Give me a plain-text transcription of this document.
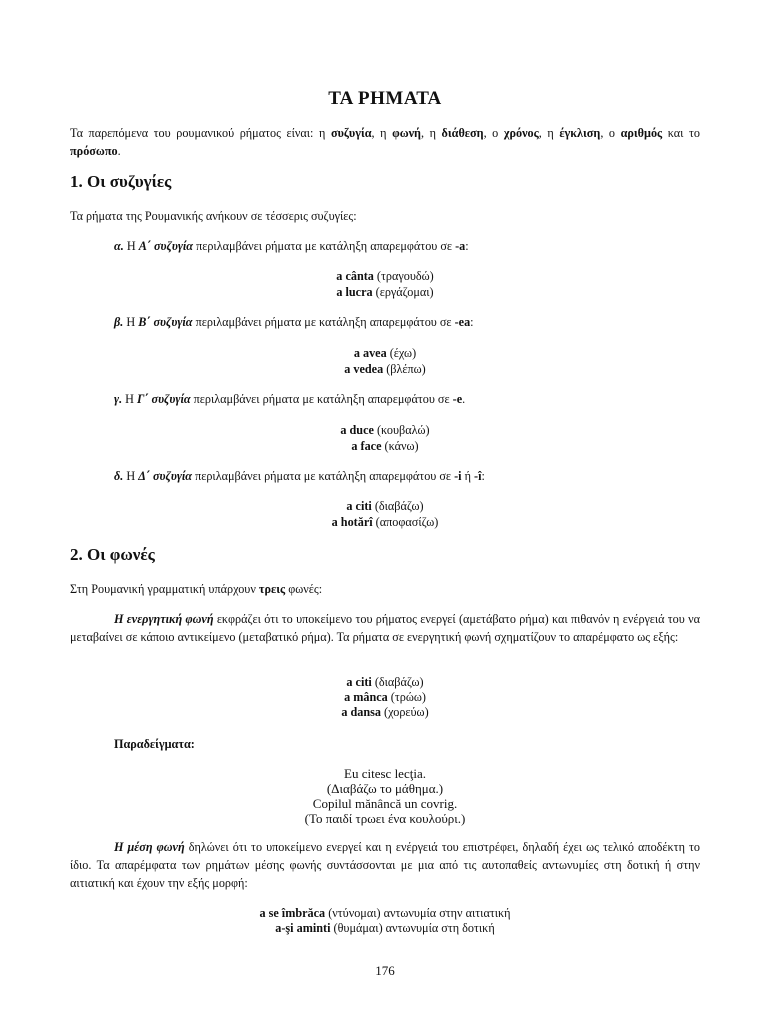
ΤΑ ΡΗΜΑΤΑ
Τα παρεπόμενα του ρουμανικού ρήματος είναι: η συζυγία, η φωνή, η διάθεση, ο χρόνος, η έγκλιση, ο αριθμός και το πρόσωπο.
1. Οι συζυγίες
Τα ρήματα της Ρουμανικής ανήκουν σε τέσσερις συζυγίες:
α. Η Α΄ συζυγία περιλαμβάνει ρήματα με κατάληξη απαρεμφάτου σε -a:
a cânta (τραγουδώ)
a lucra (εργάζομαι)
β. Η Β΄ συζυγία περιλαμβάνει ρήματα με κατάληξη απαρεμφάτου σε -ea:
a avea (έχω)
a vedea (βλέπω)
γ. Η Γ΄ συζυγία περιλαμβάνει ρήματα με κατάληξη απαρεμφάτου σε -e.
a duce (κουβαλώ)
a face (κάνω)
δ. Η Δ΄ συζυγία περιλαμβάνει ρήματα με κατάληξη απαρεμφάτου σε -i ή -î:
a citi (διαβάζω)
a hotărî (αποφασίζω)
2. Οι φωνές
Στη Ρουμανική γραμματική υπάρχουν τρεις φωνές:
Η ενεργητική φωνή εκφράζει ότι το υποκείμενο του ρήματος ενεργεί (αμετάβατο ρήμα) και πιθανόν η ενέργειά του να μεταβαίνει σε κάποιο αντικείμενο (μεταβατικό ρήμα). Τα ρήματα σε ενεργητική φωνή σχηματίζουν το απαρέμφατο ως εξής:
a citi (διαβάζω)
a mânca (τρώω)
a dansa (χορεύω)
Παραδείγματα:
Eu citesc lecţia.
(Διαβάζω το μάθημα.)
Copilul mănâncă un covrig.
(Το παιδί τρωει ένα κουλούρι.)
Η μέση φωνή δηλώνει ότι το υποκείμενο ενεργεί και η ενέργειά του επιστρέφει, δηλαδή έχει ως τελικό αποδέκτη το ίδιο. Τα απαρέμφατα των ρημάτων μέσης φωνής συντάσσονται με μια από τις αυτοπαθείς αντωνυμίες στη δοτική ή στην αιτιατική και έχουν την εξής μορφή:
a se îmbrăca (ντύνομαι) αντωνυμία στην αιτιατική
a-şi aminti (θυμάμαι) αντωνυμία στη δοτική
176
